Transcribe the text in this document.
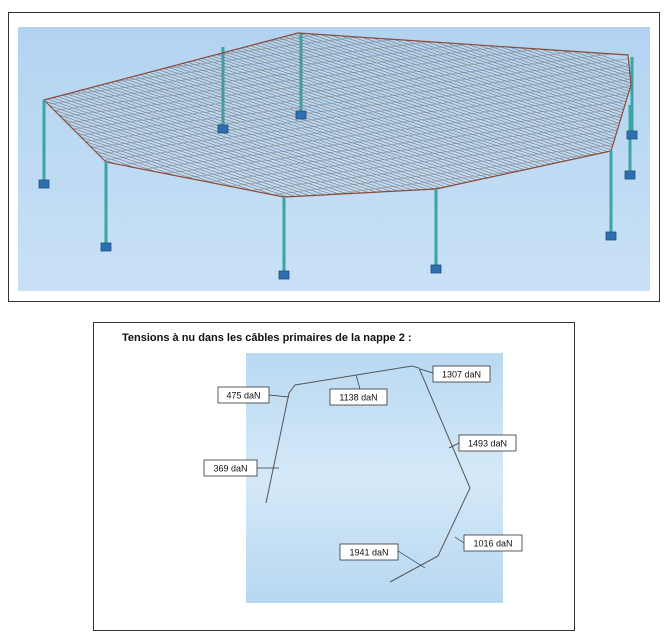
475 daN	1138 daN
1307 daN
1493 daN
369 daN
1941 daN
1016 daN
Tensions à nu dans les câbles primaires de la nappe 2 :
